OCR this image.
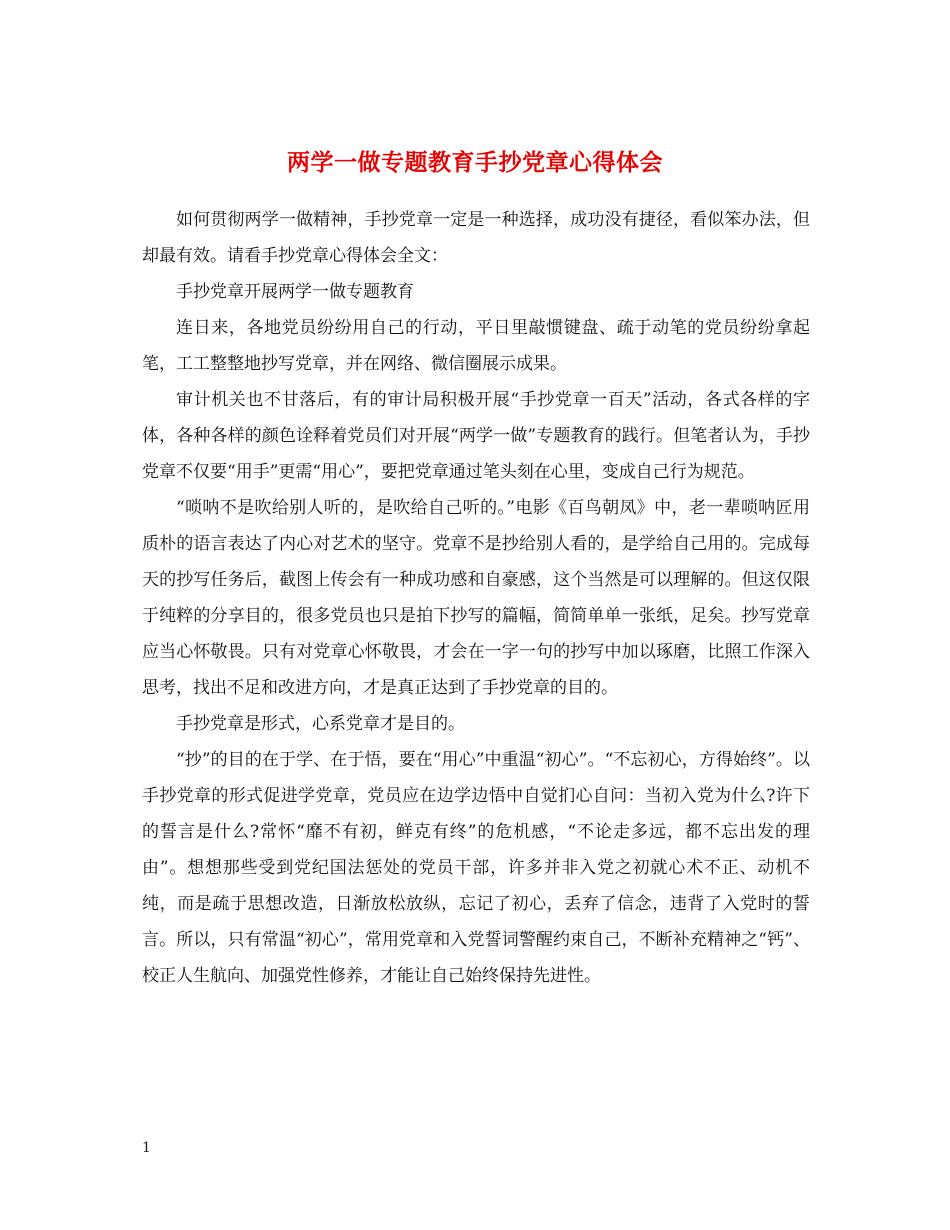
两学一做专题教育手抄党章心得体会

如何贯彻两学一做精神，手抄党章一定是一种选择，成功没有捷径，看似笨办法，但却最有效。请看手抄党章心得体会全文：

手抄党章开展两学一做专题教育

连日来，各地党员纷纷用自己的行动，平日里敲惯键盘、疏于动笔的党员纷纷拿起笔，工工整整地抄写党章，并在网络、微信圈展示成果。

审计机关也不甘落后，有的审计局积极开展“手抄党章一百天”活动，各式各样的字体，各种各样的颜色诠释着党员们对开展“两学一做”专题教育的践行。但笔者认为，手抄党章不仅要“用手”更需“用心”，要把党章通过笔头刻在心里，变成自己行为规范。

“唢呐不是吹给别人听的，是吹给自己听的。”电影《百鸟朝凤》中，老一辈唢呐匠用质朴的语言表达了内心对艺术的坚守。党章不是抄给别人看的，是学给自己用的。完成每天的抄写任务后，截图上传会有一种成功感和自豪感，这个当然是可以理解的。但这仅限于纯粹的分享目的，很多党员也只是拍下抄写的篇幅，简简单单一张纸，足矣。抄写党章应当心怀敬畏。只有对党章心怀敬畏，才会在一字一句的抄写中加以琢磨，比照工作深入思考，找出不足和改进方向，才是真正达到了手抄党章的目的。

手抄党章是形式，心系党章才是目的。

“抄”的目的在于学、在于悟，要在“用心”中重温“初心”。“不忘初心，方得始终”。以手抄党章的形式促进学党章，党员应在边学边悟中自觉扪心自问：当初入党为什么?许下的誓言是什么?常怀“靡不有初，鲜克有终”的危机感，“不论走多远，都不忘出发的理由”。想想那些受到党纪国法惩处的党员干部，许多并非入党之初就心术不正、动机不纯，而是疏于思想改造，日渐放松放纵，忘记了初心，丢弃了信念，违背了入党时的誓言。所以，只有常温“初心”，常用党章和入党誓词警醒约束自己，不断补充精神之“钙”、校正人生航向、加强党性修养，才能让自己始终保持先进性。

1
